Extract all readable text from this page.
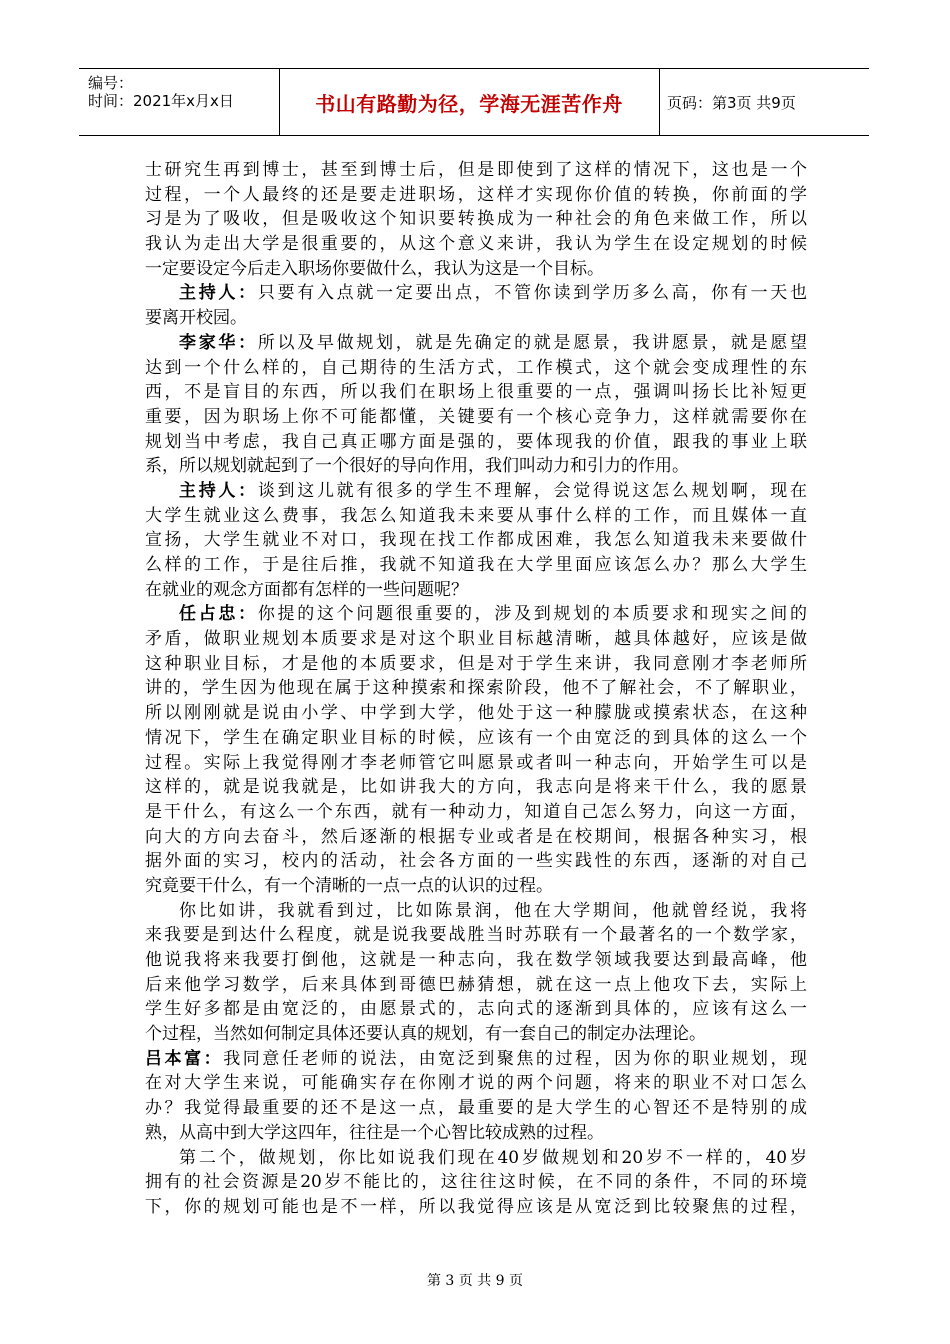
编号：
时间：2021年x月x日	书山有路勤为径，学海无涯苦作舟	页码：第3页 共9页
士研究生再到博士，甚至到博士后，但是即使到了这样的情况下，这也是一个
过程，一个人最终的还是要走进职场，这样才实现你价值的转换，你前面的学
习是为了吸收，但是吸收这个知识要转换成为一种社会的角色来做工作，所以
我认为走出大学是很重要的，从这个意义来讲，我认为学生在设定规划的时候
一定要设定今后走入职场你要做什么，我认为这是一个目标。
主持人：只要有入点就一定要出点，不管你读到学历多么高，你有一天也
要离开校园。
李家华：所以及早做规划，就是先确定的就是愿景，我讲愿景，就是愿望
达到一个什么样的，自己期待的生活方式，工作模式，这个就会变成理性的东
西，不是盲目的东西，所以我们在职场上很重要的一点，强调叫扬长比补短更
重要，因为职场上你不可能都懂，关键要有一个核心竞争力，这样就需要你在
规划当中考虑，我自己真正哪方面是强的，要体现我的价值，跟我的事业上联
系，所以规划就起到了一个很好的导向作用，我们叫动力和引力的作用。
主持人：谈到这儿就有很多的学生不理解，会觉得说这怎么规划啊，现在
大学生就业这么费事，我怎么知道我未来要从事什么样的工作，而且媒体一直
宣扬，大学生就业不对口，我现在找工作都成困难，我怎么知道我未来要做什
么样的工作，于是往后推，我就不知道我在大学里面应该怎么办？那么大学生
在就业的观念方面都有怎样的一些问题呢？
任占忠：你提的这个问题很重要的，涉及到规划的本质要求和现实之间的
矛盾，做职业规划本质要求是对这个职业目标越清晰，越具体越好，应该是做
这种职业目标，才是他的本质要求，但是对于学生来讲，我同意刚才李老师所
讲的，学生因为他现在属于这种摸索和探索阶段，他不了解社会，不了解职业，
所以刚刚就是说由小学、中学到大学，他处于这一种朦胧或摸索状态，在这种
情况下，学生在确定职业目标的时候，应该有一个由宽泛的到具体的这么一个
过程。实际上我觉得刚才李老师管它叫愿景或者叫一种志向，开始学生可以是
这样的，就是说我就是，比如讲我大的方向，我志向是将来干什么，我的愿景
是干什么，有这么一个东西，就有一种动力，知道自己怎么努力，向这一方面，
向大的方向去奋斗，然后逐渐的根据专业或者是在校期间，根据各种实习，根
据外面的实习，校内的活动，社会各方面的一些实践性的东西，逐渐的对自己
究竟要干什么，有一个清晰的一点一点的认识的过程。
你比如讲，我就看到过，比如陈景润，他在大学期间，他就曾经说，我将
来我要是到达什么程度，就是说我要战胜当时苏联有一个最著名的一个数学家，
他说我将来我要打倒他，这就是一种志向，我在数学领域我要达到最高峰，他
后来他学习数学，后来具体到哥德巴赫猜想，就在这一点上他攻下去，实际上
学生好多都是由宽泛的，由愿景式的，志向式的逐渐到具体的，应该有这么一
个过程，当然如何制定具体还要认真的规划，有一套自己的制定办法理论。
吕本富：我同意任老师的说法，由宽泛到聚焦的过程，因为你的职业规划，现
在对大学生来说，可能确实存在你刚才说的两个问题，将来的职业不对口怎么
办？我觉得最重要的还不是这一点，最重要的是大学生的心智还不是特别的成
熟，从高中到大学这四年，往往是一个心智比较成熟的过程。
第二个，做规划，你比如说我们现在40岁做规划和20岁不一样的，40岁
拥有的社会资源是20岁不能比的，这往往这时候，在不同的条件，不同的环境
下，你的规划可能也是不一样，所以我觉得应该是从宽泛到比较聚焦的过程，
第 3 页 共 9 页
